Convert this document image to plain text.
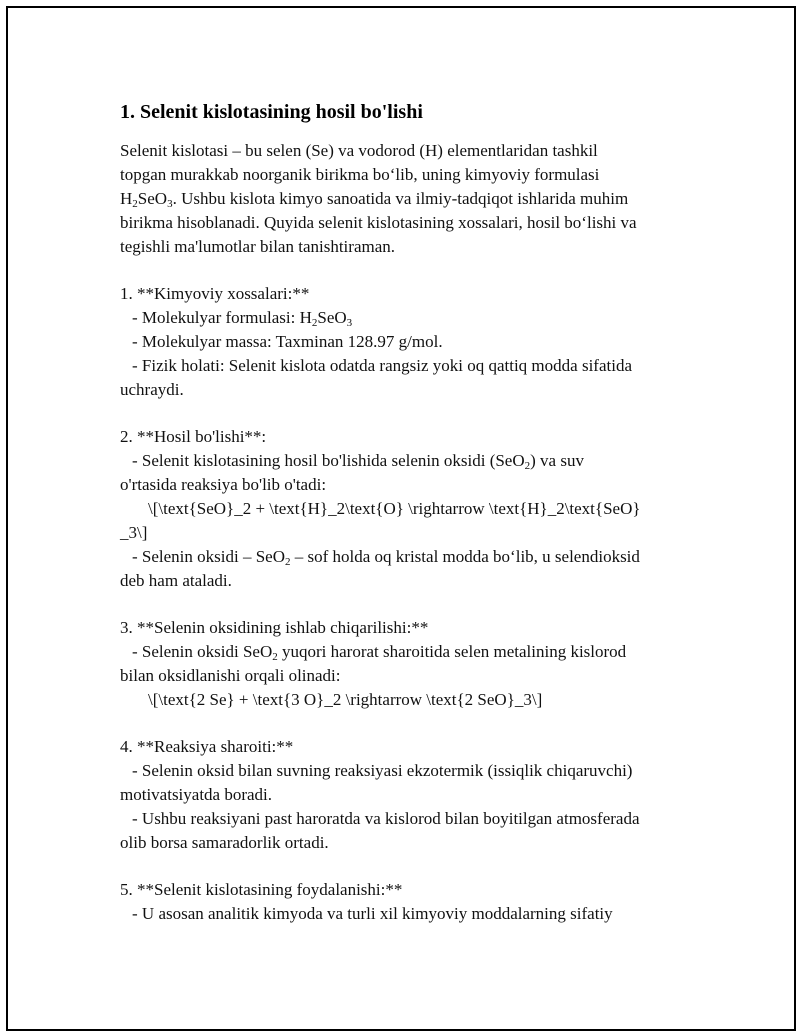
1. Selenit kislotasining hosil bo'lishi
Selenit kislotasi – bu selen (Se) va vodorod (H) elementlaridan tashkil
topgan murakkab noorganik birikma bo‘lib, uning kimyoviy formulasi
$H_2SeO_3$. Ushbu kislota kimyo sanoatida va ilmiy-tadqiqot ishlarida muhim
birikma hisoblanadi. Quyida selenit kislotasining xossalari, hosil bo‘lishi va
tegishli ma'lumotlar bilan tanishtiraman.
1. **Kimyoviy xossalari:**
- Molekulyar formulasi: $H_2SeO_3$
- Molekulyar massa: Taxminan 128.97 g/mol.
- Fizik holati: Selenit kislota odatda rangsiz yoki oq qattiq modda sifatida
uchraydi.
2. **Hosil bo'lishi**:
- Selenit kislotasining hosil bo'lishida selenin oksidi (SeO$_2$) va suv
o'rtasida reaksiya bo'lib o'tadi:
\[\text{SeO}_2 + \text{H}_2\text{O} \rightarrow \text{H}_2\text{SeO}
_3\]
- Selenin oksidi – SeO$_2$ – sof holda oq kristal modda bo‘lib, u selendioksid
deb ham ataladi.
3. **Selenin oksidining ishlab chiqarilishi:**
- Selenin oksidi SeO$_2$ yuqori harorat sharoitida selen metalining kislorod
bilan oksidlanishi orqali olinadi:
\[\text{2 Se} + \text{3 O}_2 \rightarrow \text{2 SeO}_3\]
4. **Reaksiya sharoiti:**
- Selenin oksid bilan suvning reaksiyasi ekzotermik (issiqlik chiqaruvchi)
motivatsiyatda boradi.
- Ushbu reaksiyani past haroratda va kislorod bilan boyitilgan atmosferada
olib borsa samaradorlik ortadi.
5. **Selenit kislotasining foydalanishi:**
- U asosan analitik kimyoda va turli xil kimyoviy moddalarning sifatiy
